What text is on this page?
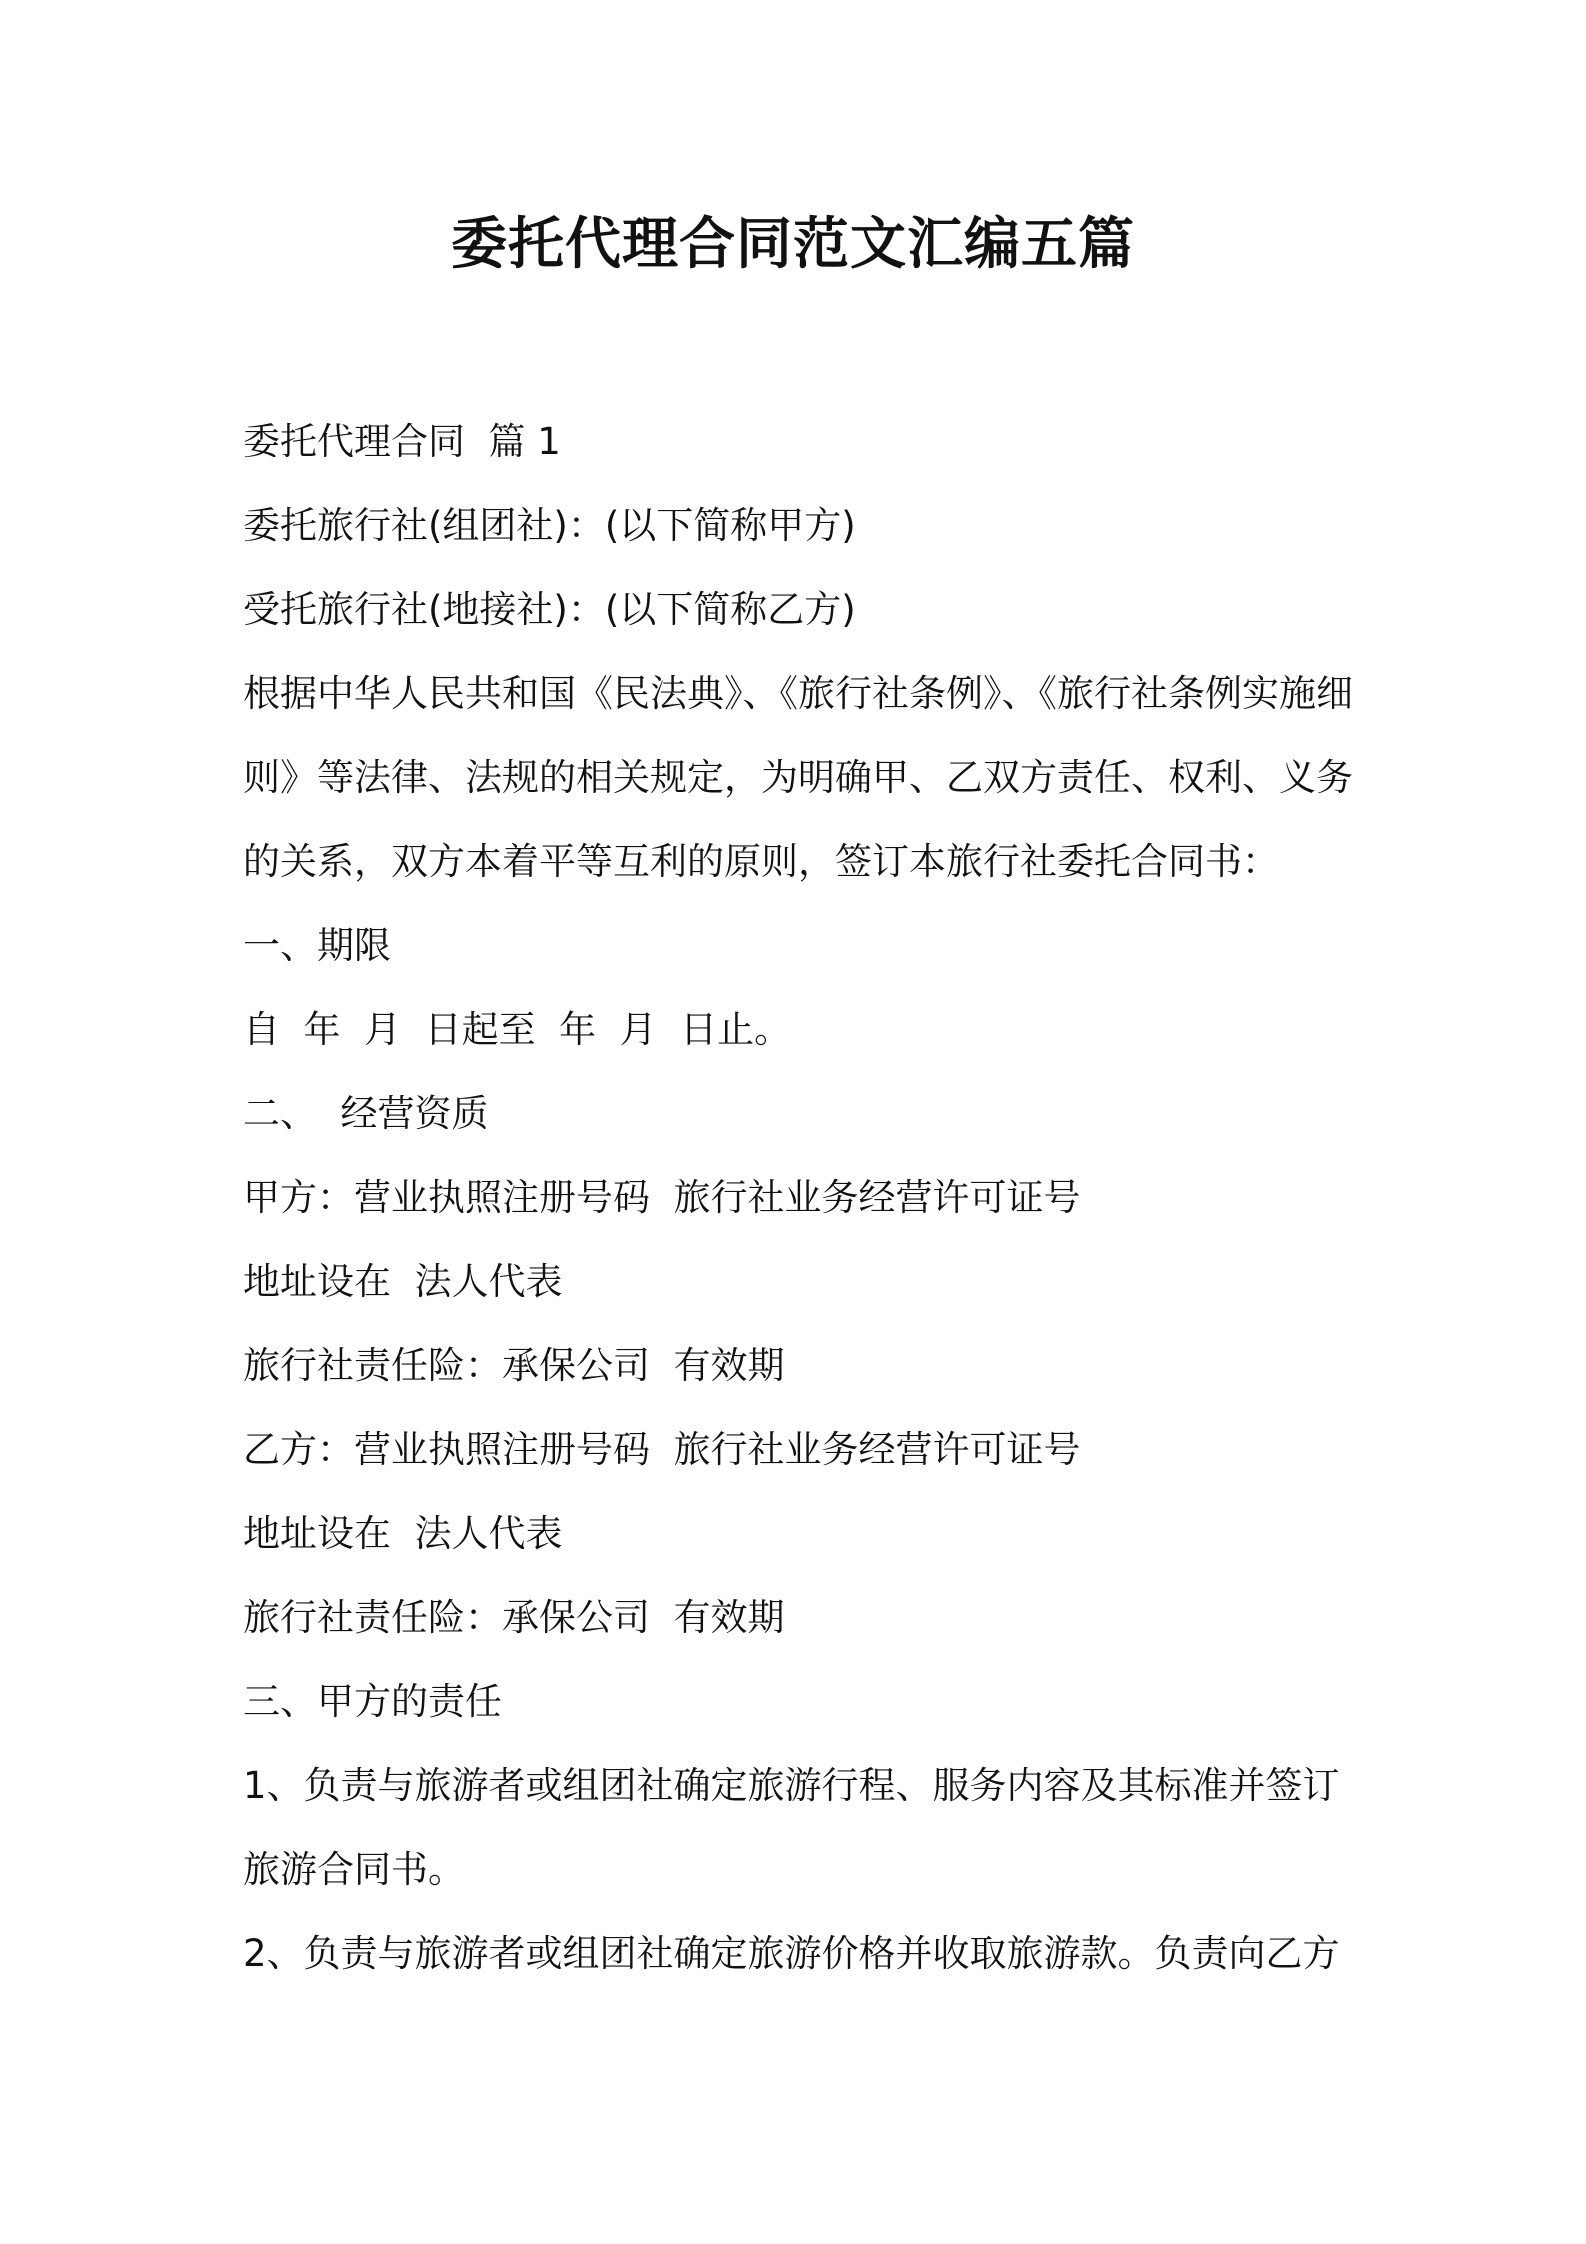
委托代理合同范文汇编五篇

委托代理合同  篇 1

委托旅行社(组团社)：(以下简称甲方)

受托旅行社(地接社)：(以下简称乙方)

根据中华人民共和国《民法典》、《旅行社条例》、《旅行社条例实施细

则》等法律、法规的相关规定，为明确甲、乙双方责任、权利、义务

的关系，双方本着平等互利的原则，签订本旅行社委托合同书：

一、期限

自  年  月  日起至  年  月  日止。

二、  经营资质

甲方：营业执照注册号码  旅行社业务经营许可证号

地址设在  法人代表

旅行社责任险：承保公司  有效期

乙方：营业执照注册号码  旅行社业务经营许可证号

地址设在  法人代表

旅行社责任险：承保公司  有效期

三、甲方的责任

1、负责与旅游者或组团社确定旅游行程、服务内容及其标准并签订

旅游合同书。

2、负责与旅游者或组团社确定旅游价格并收取旅游款。负责向乙方
